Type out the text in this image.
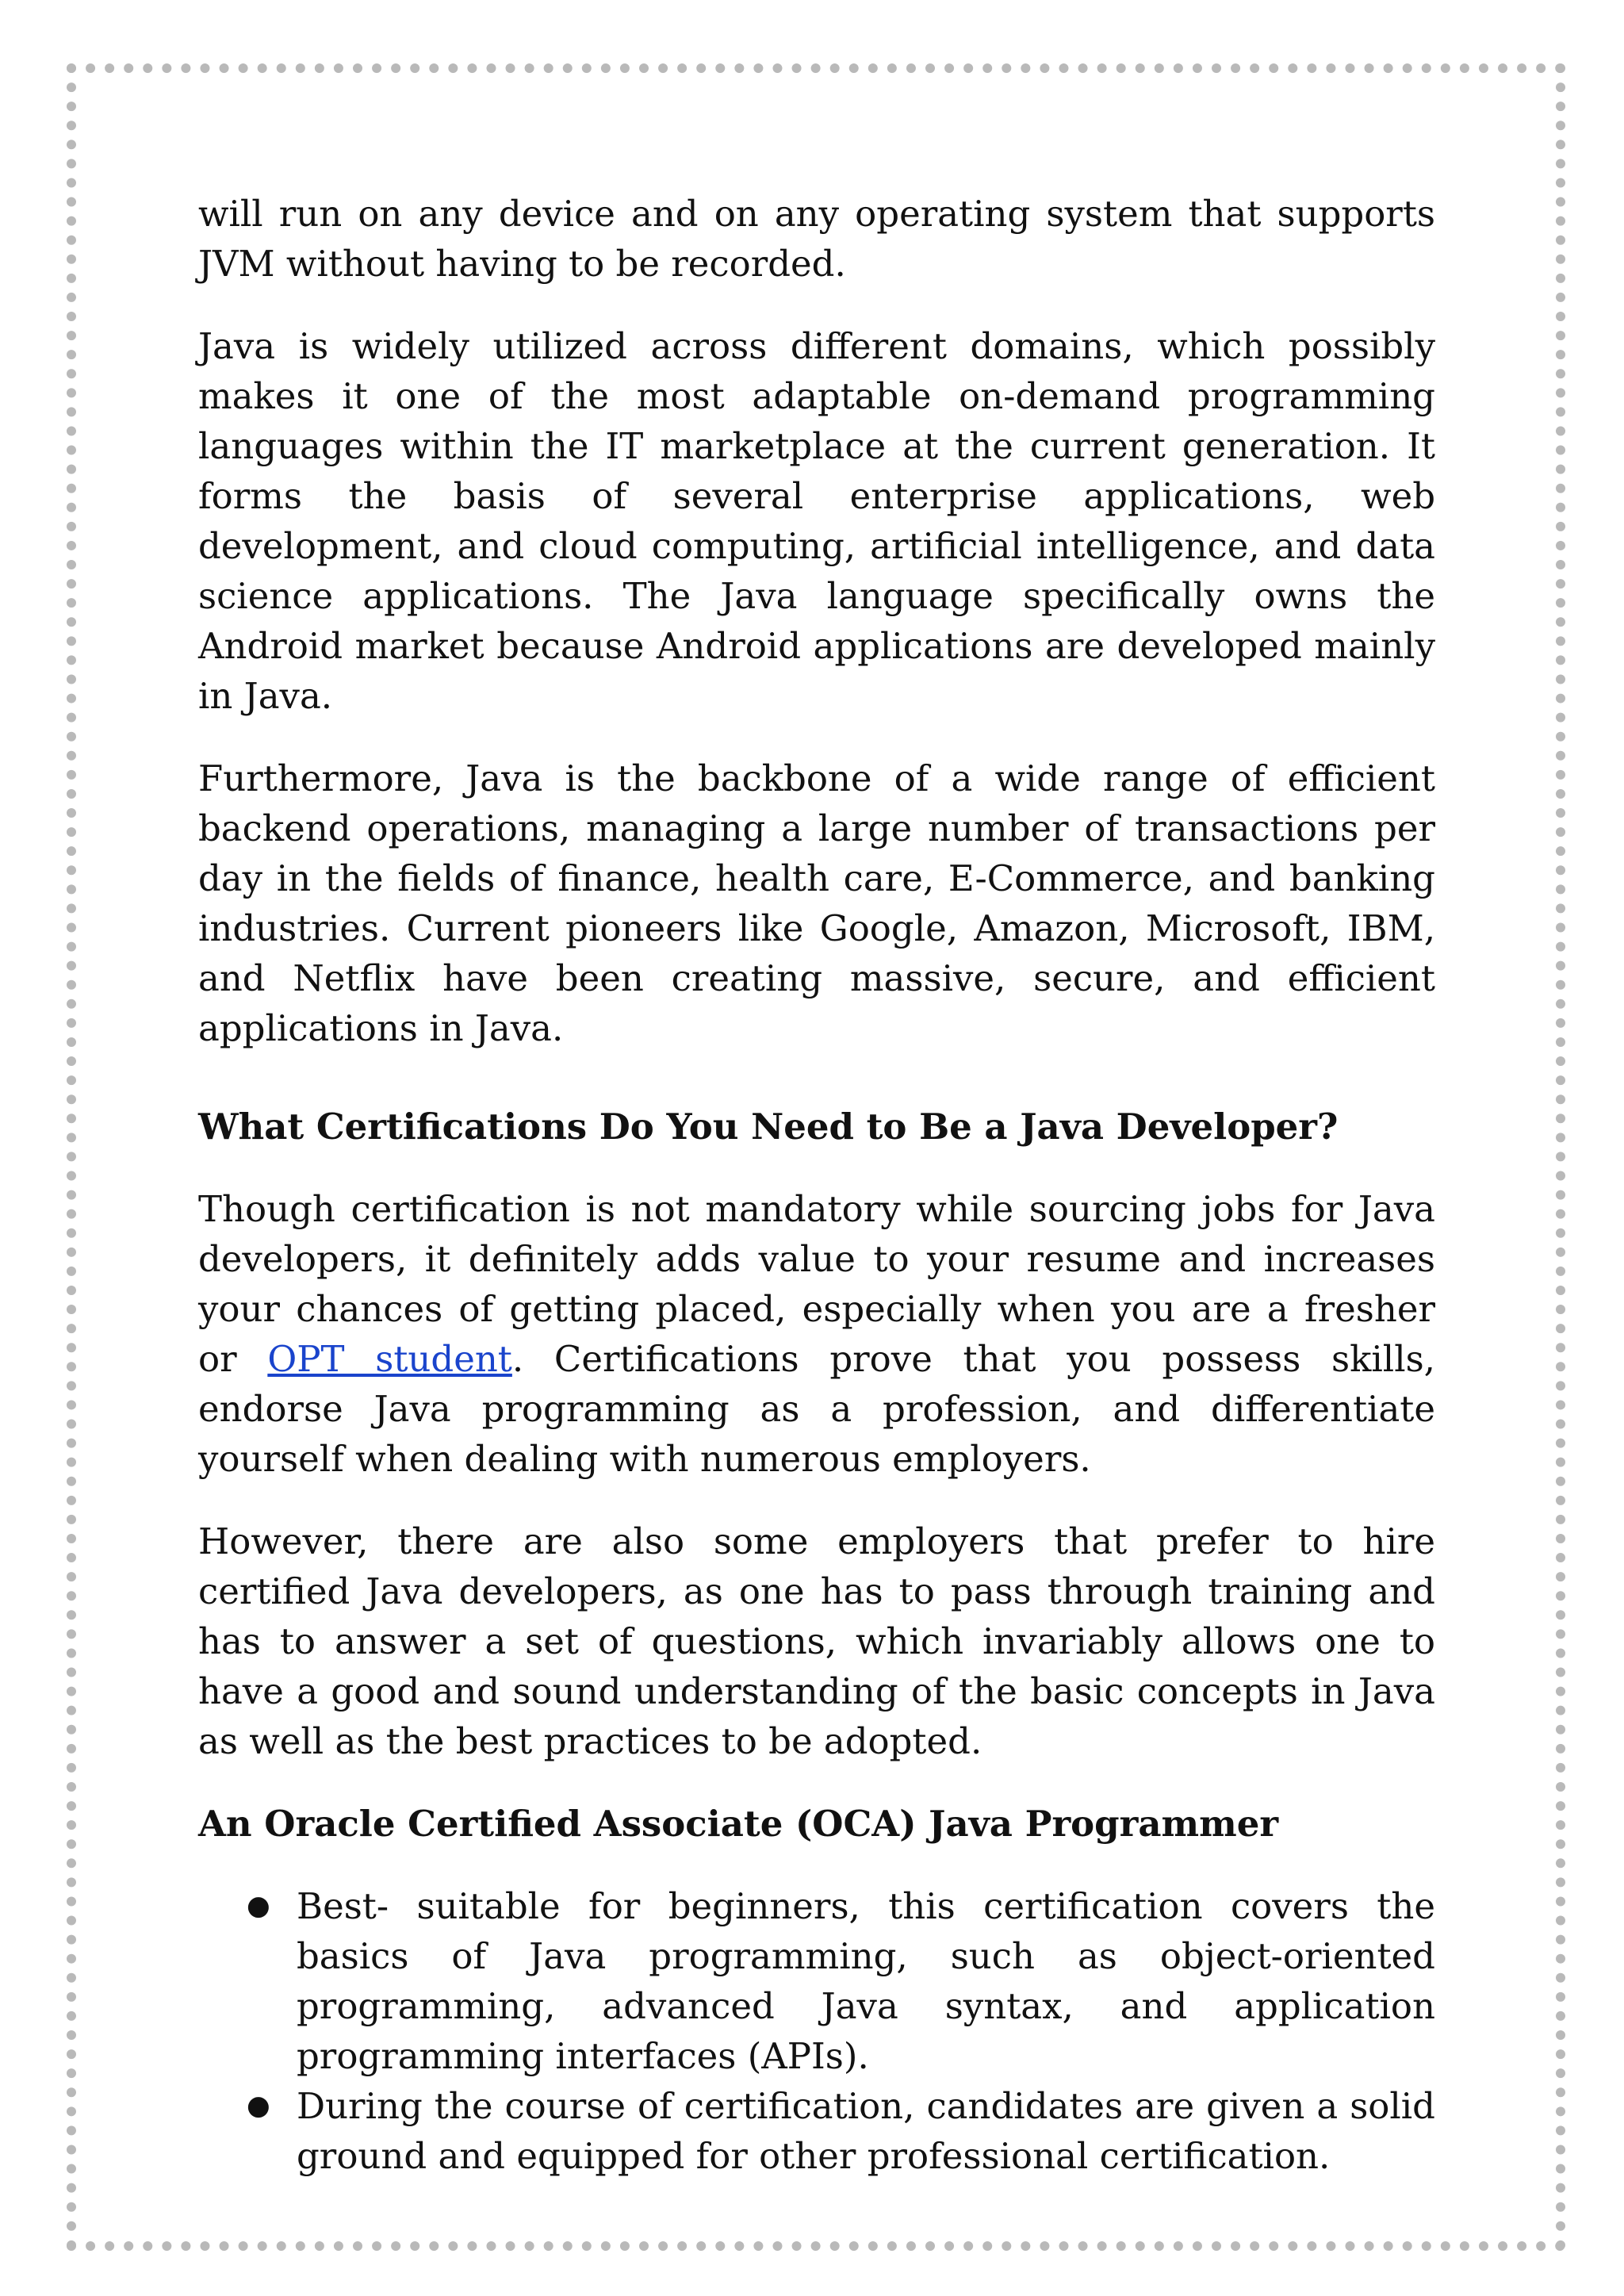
will run on any device and on any operating system that supports JVM without having to be recorded.

Java is widely utilized across different domains, which possibly makes it one of the most adaptable on-demand programming languages within the IT marketplace at the current generation. It forms the basis of several enterprise applications, web development, and cloud computing, artificial intelligence, and data science applications. The Java language specifically owns the Android market because Android applications are developed mainly in Java.

Furthermore, Java is the backbone of a wide range of efficient backend operations, managing a large number of transactions per day in the fields of finance, health care, E-Commerce, and banking industries. Current pioneers like Google, Amazon, Microsoft, IBM, and Netflix have been creating massive, secure, and efficient applications in Java.

What Certifications Do You Need to Be a Java Developer?

Though certification is not mandatory while sourcing jobs for Java developers, it definitely adds value to your resume and increases your chances of getting placed, especially when you are a fresher or OPT student. Certifications prove that you possess skills, endorse Java programming as a profession, and differentiate yourself when dealing with numerous employers.

However, there are also some employers that prefer to hire certified Java developers, as one has to pass through training and has to answer a set of questions, which invariably allows one to have a good and sound understanding of the basic concepts in Java as well as the best practices to be adopted.

An Oracle Certified Associate (OCA) Java Programmer
● Best- suitable for beginners, this certification covers the basics of Java programming, such as object-oriented programming, advanced Java syntax, and application programming interfaces (APIs).
● During the course of certification, candidates are given a solid ground and equipped for other professional certification.
